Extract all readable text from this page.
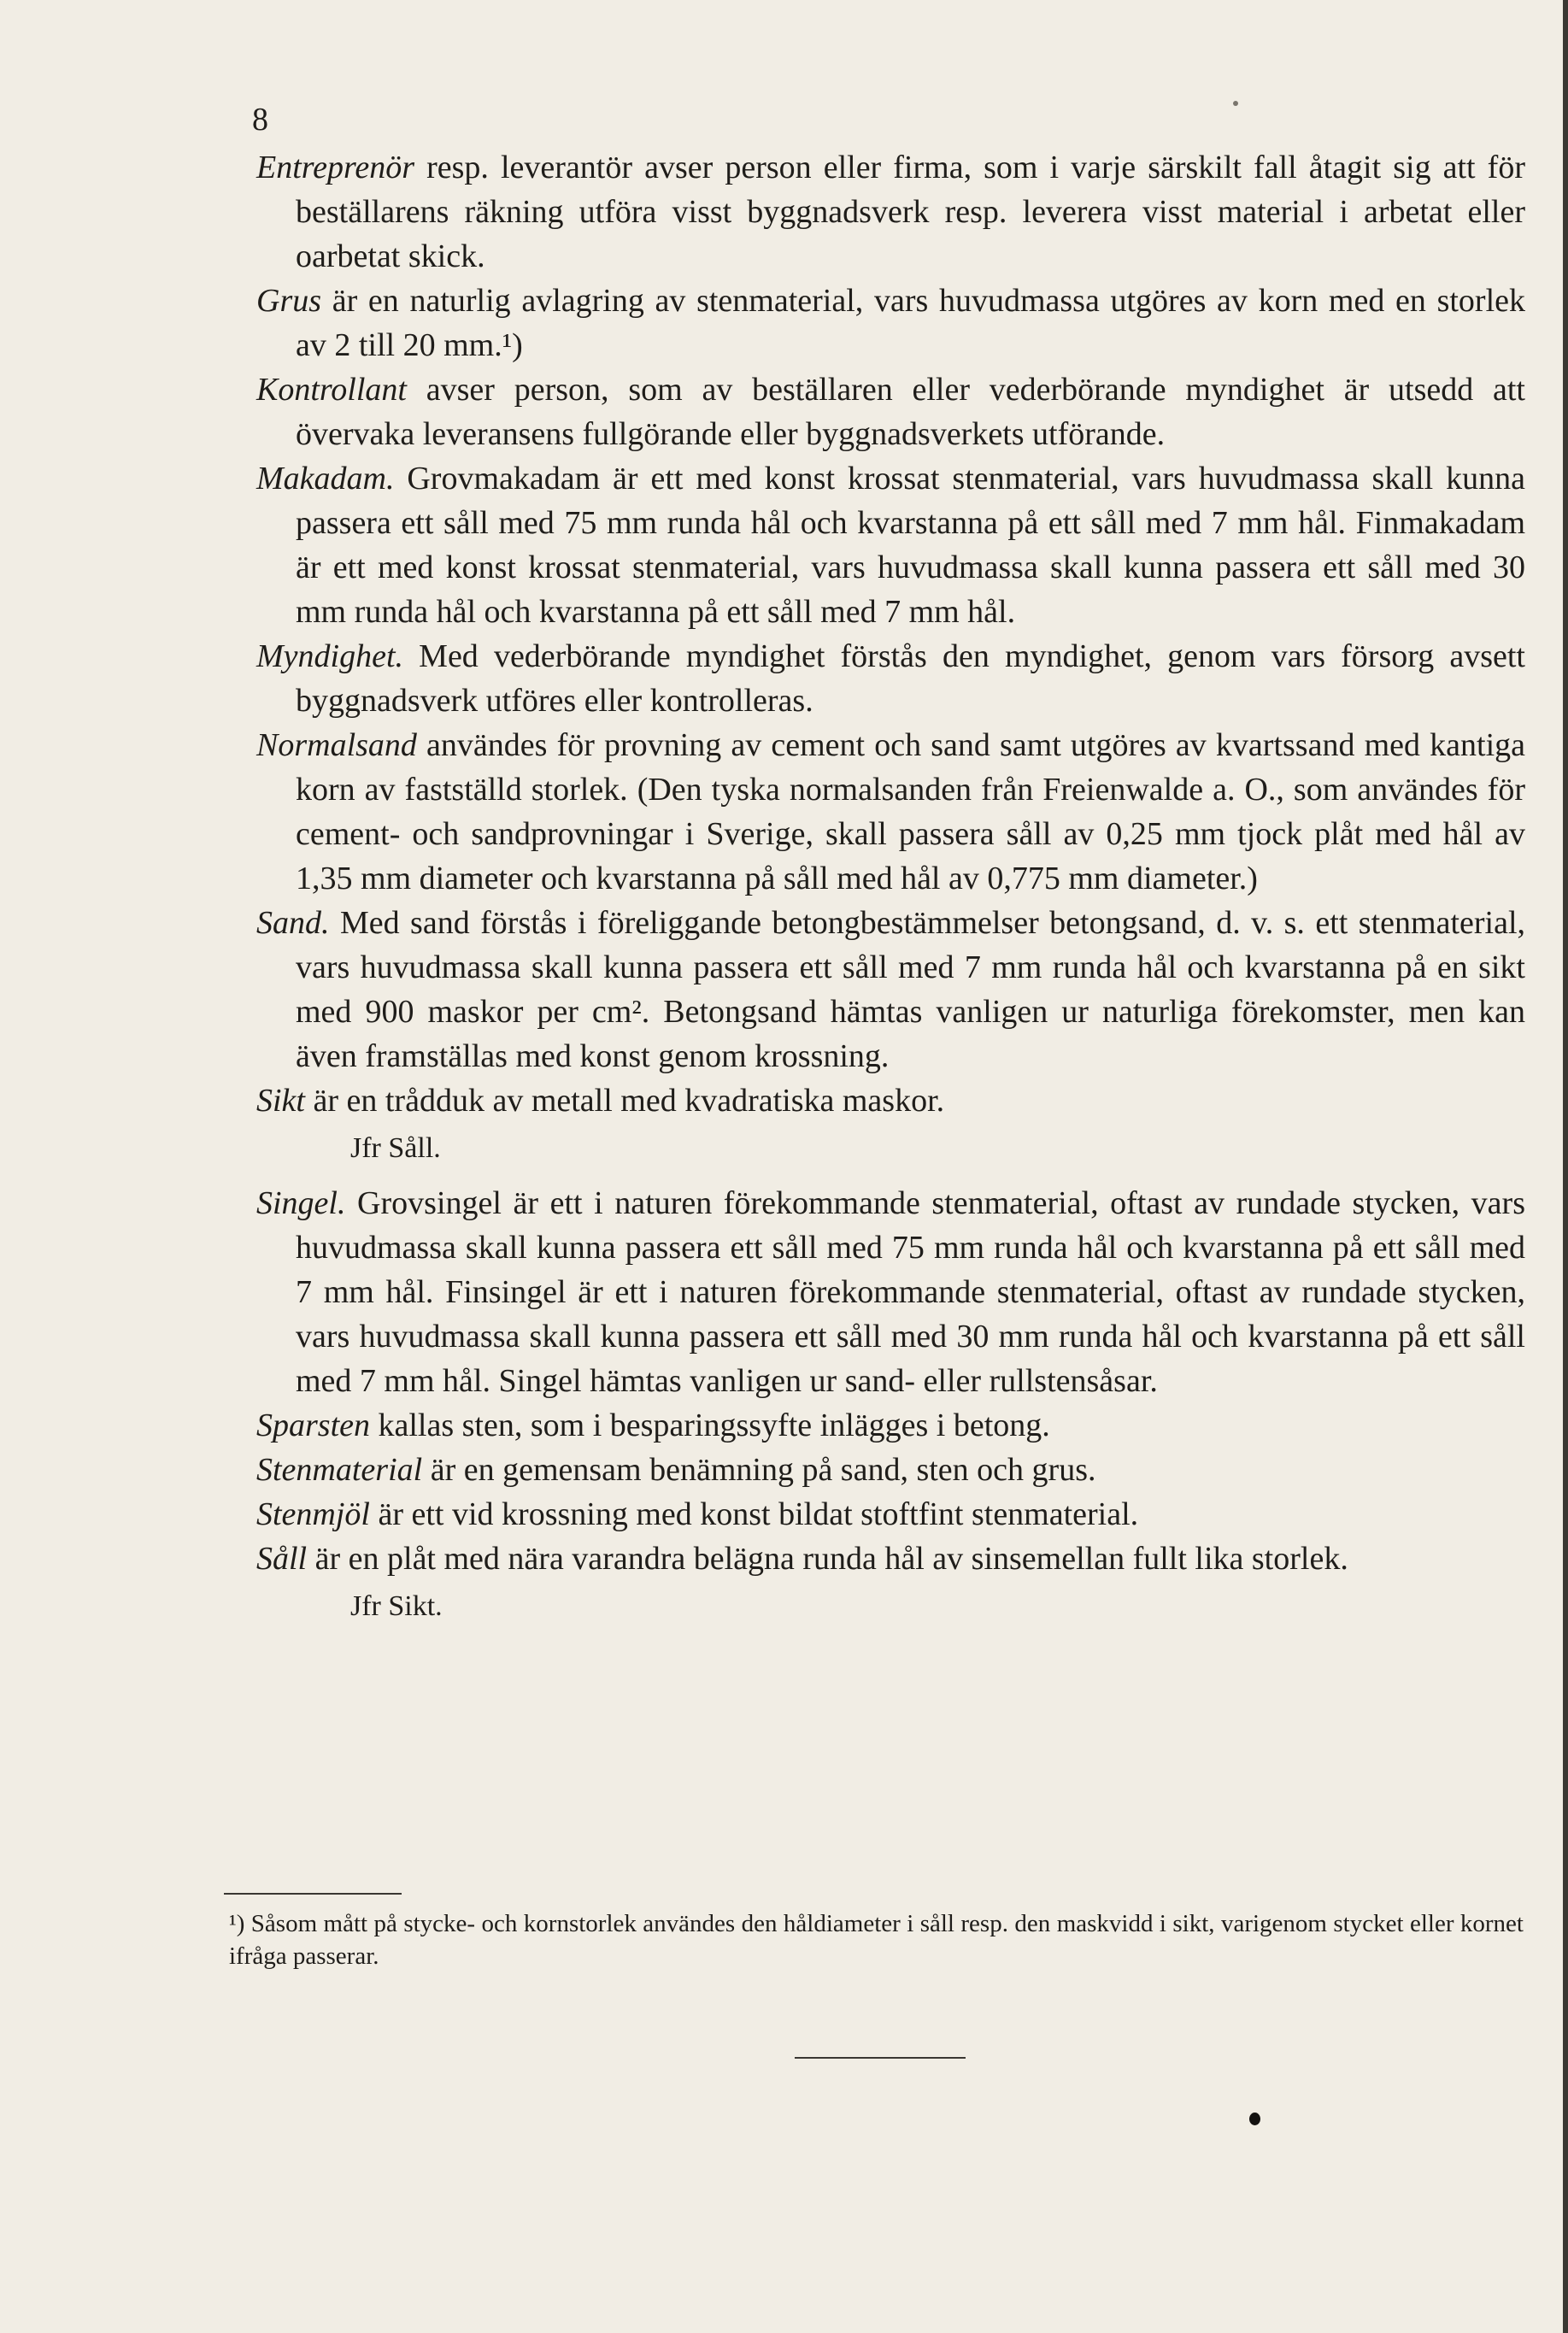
8

Entreprenör resp. leverantör avser person eller firma, som i varje särskilt fall åtagit sig att för beställarens räkning utföra visst byggnadsverk resp. leverera visst material i arbetat eller oarbetat skick.

Grus är en naturlig avlagring av stenmaterial, vars huvudmassa utgöres av korn med en storlek av 2 till 20 mm.¹)

Kontrollant avser person, som av beställaren eller vederbörande myndighet är utsedd att övervaka leveransens fullgörande eller byggnadsverkets utförande.

Makadam. Grovmakadam är ett med konst krossat stenmaterial, vars huvudmassa skall kunna passera ett såll med 75 mm runda hål och kvarstanna på ett såll med 7 mm hål. Finmakadam är ett med konst krossat stenmaterial, vars huvudmassa skall kunna passera ett såll med 30 mm runda hål och kvarstanna på ett såll med 7 mm hål.

Myndighet. Med vederbörande myndighet förstås den myndighet, genom vars försorg avsett byggnadsverk utföres eller kontrolleras.

Normalsand användes för provning av cement och sand samt utgöres av kvartssand med kantiga korn av fastställd storlek. (Den tyska normalsanden från Freienwalde a. O., som användes för cement- och sandprovningar i Sverige, skall passera såll av 0,25 mm tjock plåt med hål av 1,35 mm diameter och kvarstanna på såll med hål av 0,775 mm diameter.)

Sand. Med sand förstås i föreliggande betongbestämmelser betongsand, d. v. s. ett stenmaterial, vars huvudmassa skall kunna passera ett såll med 7 mm runda hål och kvarstanna på en sikt med 900 maskor per cm². Betongsand hämtas vanligen ur naturliga förekomster, men kan även framställas med konst genom krossning.

Sikt är en trådduk av metall med kvadratiska maskor.

Jfr Såll.

Singel. Grovsingel är ett i naturen förekommande stenmaterial, oftast av rundade stycken, vars huvudmassa skall kunna passera ett såll med 75 mm runda hål och kvarstanna på ett såll med 7 mm hål. Finsingel är ett i naturen förekommande stenmaterial, oftast av rundade stycken, vars huvudmassa skall kunna passera ett såll med 30 mm runda hål och kvarstanna på ett såll med 7 mm hål. Singel hämtas vanligen ur sand- eller rullstensåsar.

Sparsten kallas sten, som i besparingssyfte inlägges i betong.

Stenmaterial är en gemensam benämning på sand, sten och grus.

Stenmjöl är ett vid krossning med konst bildat stoftfint stenmaterial.

Såll är en plåt med nära varandra belägna runda hål av sinsemellan fullt lika storlek.

Jfr Sikt.

¹) Såsom mått på stycke- och kornstorlek användes den håldiameter i såll resp. den maskvidd i sikt, varigenom stycket eller kornet ifråga passerar.
